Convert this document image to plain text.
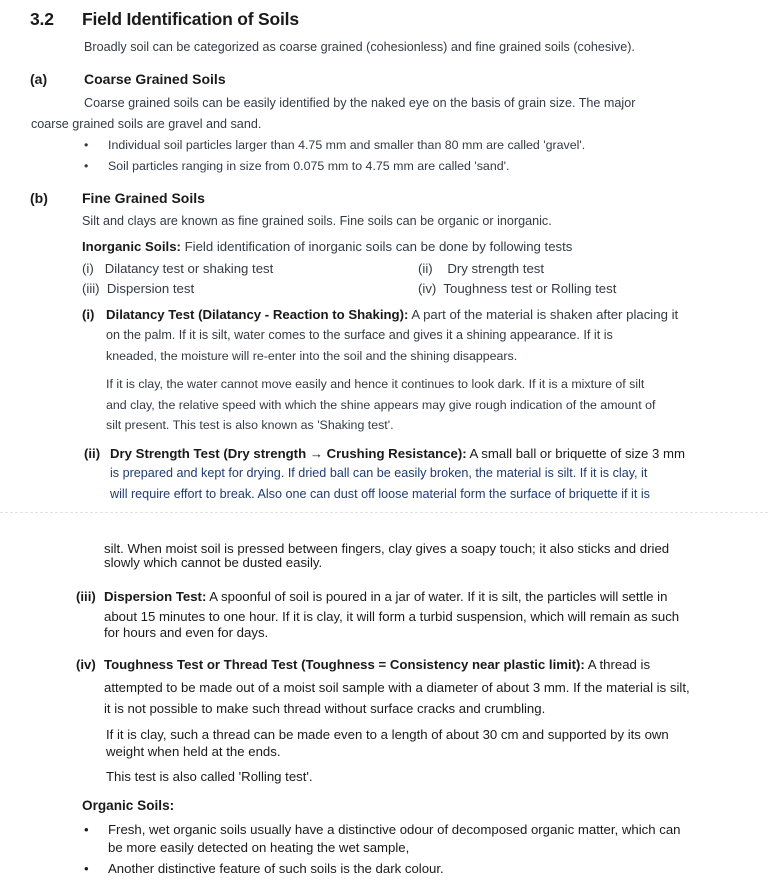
3.2 Field Identification of Soils
Broadly soil can be categorized as coarse grained (cohesionless) and fine grained soils (cohesive).
(a)	Coarse Grained Soils
Coarse grained soils can be easily identified by the naked eye on the basis of grain size. The major
coarse grained soils are gravel and sand.
• Individual soil particles larger than 4.75 mm and smaller than 80 mm are called 'gravel'.
• Soil particles ranging in size from 0.075 mm to 4.75 mm are called 'sand'.
(b) Fine Grained Soils
Silt and clays are known as fine grained soils. Fine soils can be organic or inorganic.
Inorganic Soils: Field identification of inorganic soils can be done by following tests
(i) Dilatancy test or shaking test	(ii) Dry strength test
(iii) Dispersion test	(iv) Toughness test or Rolling test
(i) Dilatancy Test (Dilatancy - Reaction to Shaking): A part of the material is shaken after placing it
on the palm. If it is silt, water comes to the surface and gives it a shining appearance. If it is
kneaded, the moisture will re-enter into the soil and the shining disappears.
If it is clay, the water cannot move easily and hence it continues to look dark. If it is a mixture of silt
and clay, the relative speed with which the shine appears may give rough indication of the amount of
silt present. This test is also known as 'Shaking test'.
(ii) Dry Strength Test (Dry strength → Crushing Resistance): A small ball or briquette of size 3 mm
is prepared and kept for drying. If dried ball can be easily broken, the material is silt. If it is clay, it
will require effort to break. Also one can dust off loose material form the surface of briquette if it is
silt. When moist soil is pressed between fingers, clay gives a soapy touch; it also sticks and dried
slowly which cannot be dusted easily.
(iii) Dispersion Test: A spoonful of soil is poured in a jar of water. If it is silt, the particles will settle in
about 15 minutes to one hour. If it is clay, it will form a turbid suspension, which will remain as such
for hours and even for days.
(iv) Toughness Test or Thread Test (Toughness = Consistency near plastic limit): A thread is
attempted to be made out of a moist soil sample with a diameter of about 3 mm. If the material is silt,
it is not possible to make such thread without surface cracks and crumbling.
If it is clay, such a thread can be made even to a length of about 30 cm and supported by its own
weight when held at the ends.
This test is also called 'Rolling test'.
Organic Soils:
• Fresh, wet organic soils usually have a distinctive odour of decomposed organic matter, which can
be more easily detected on heating the wet sample,
• Another distinctive feature of such soils is the dark colour.
